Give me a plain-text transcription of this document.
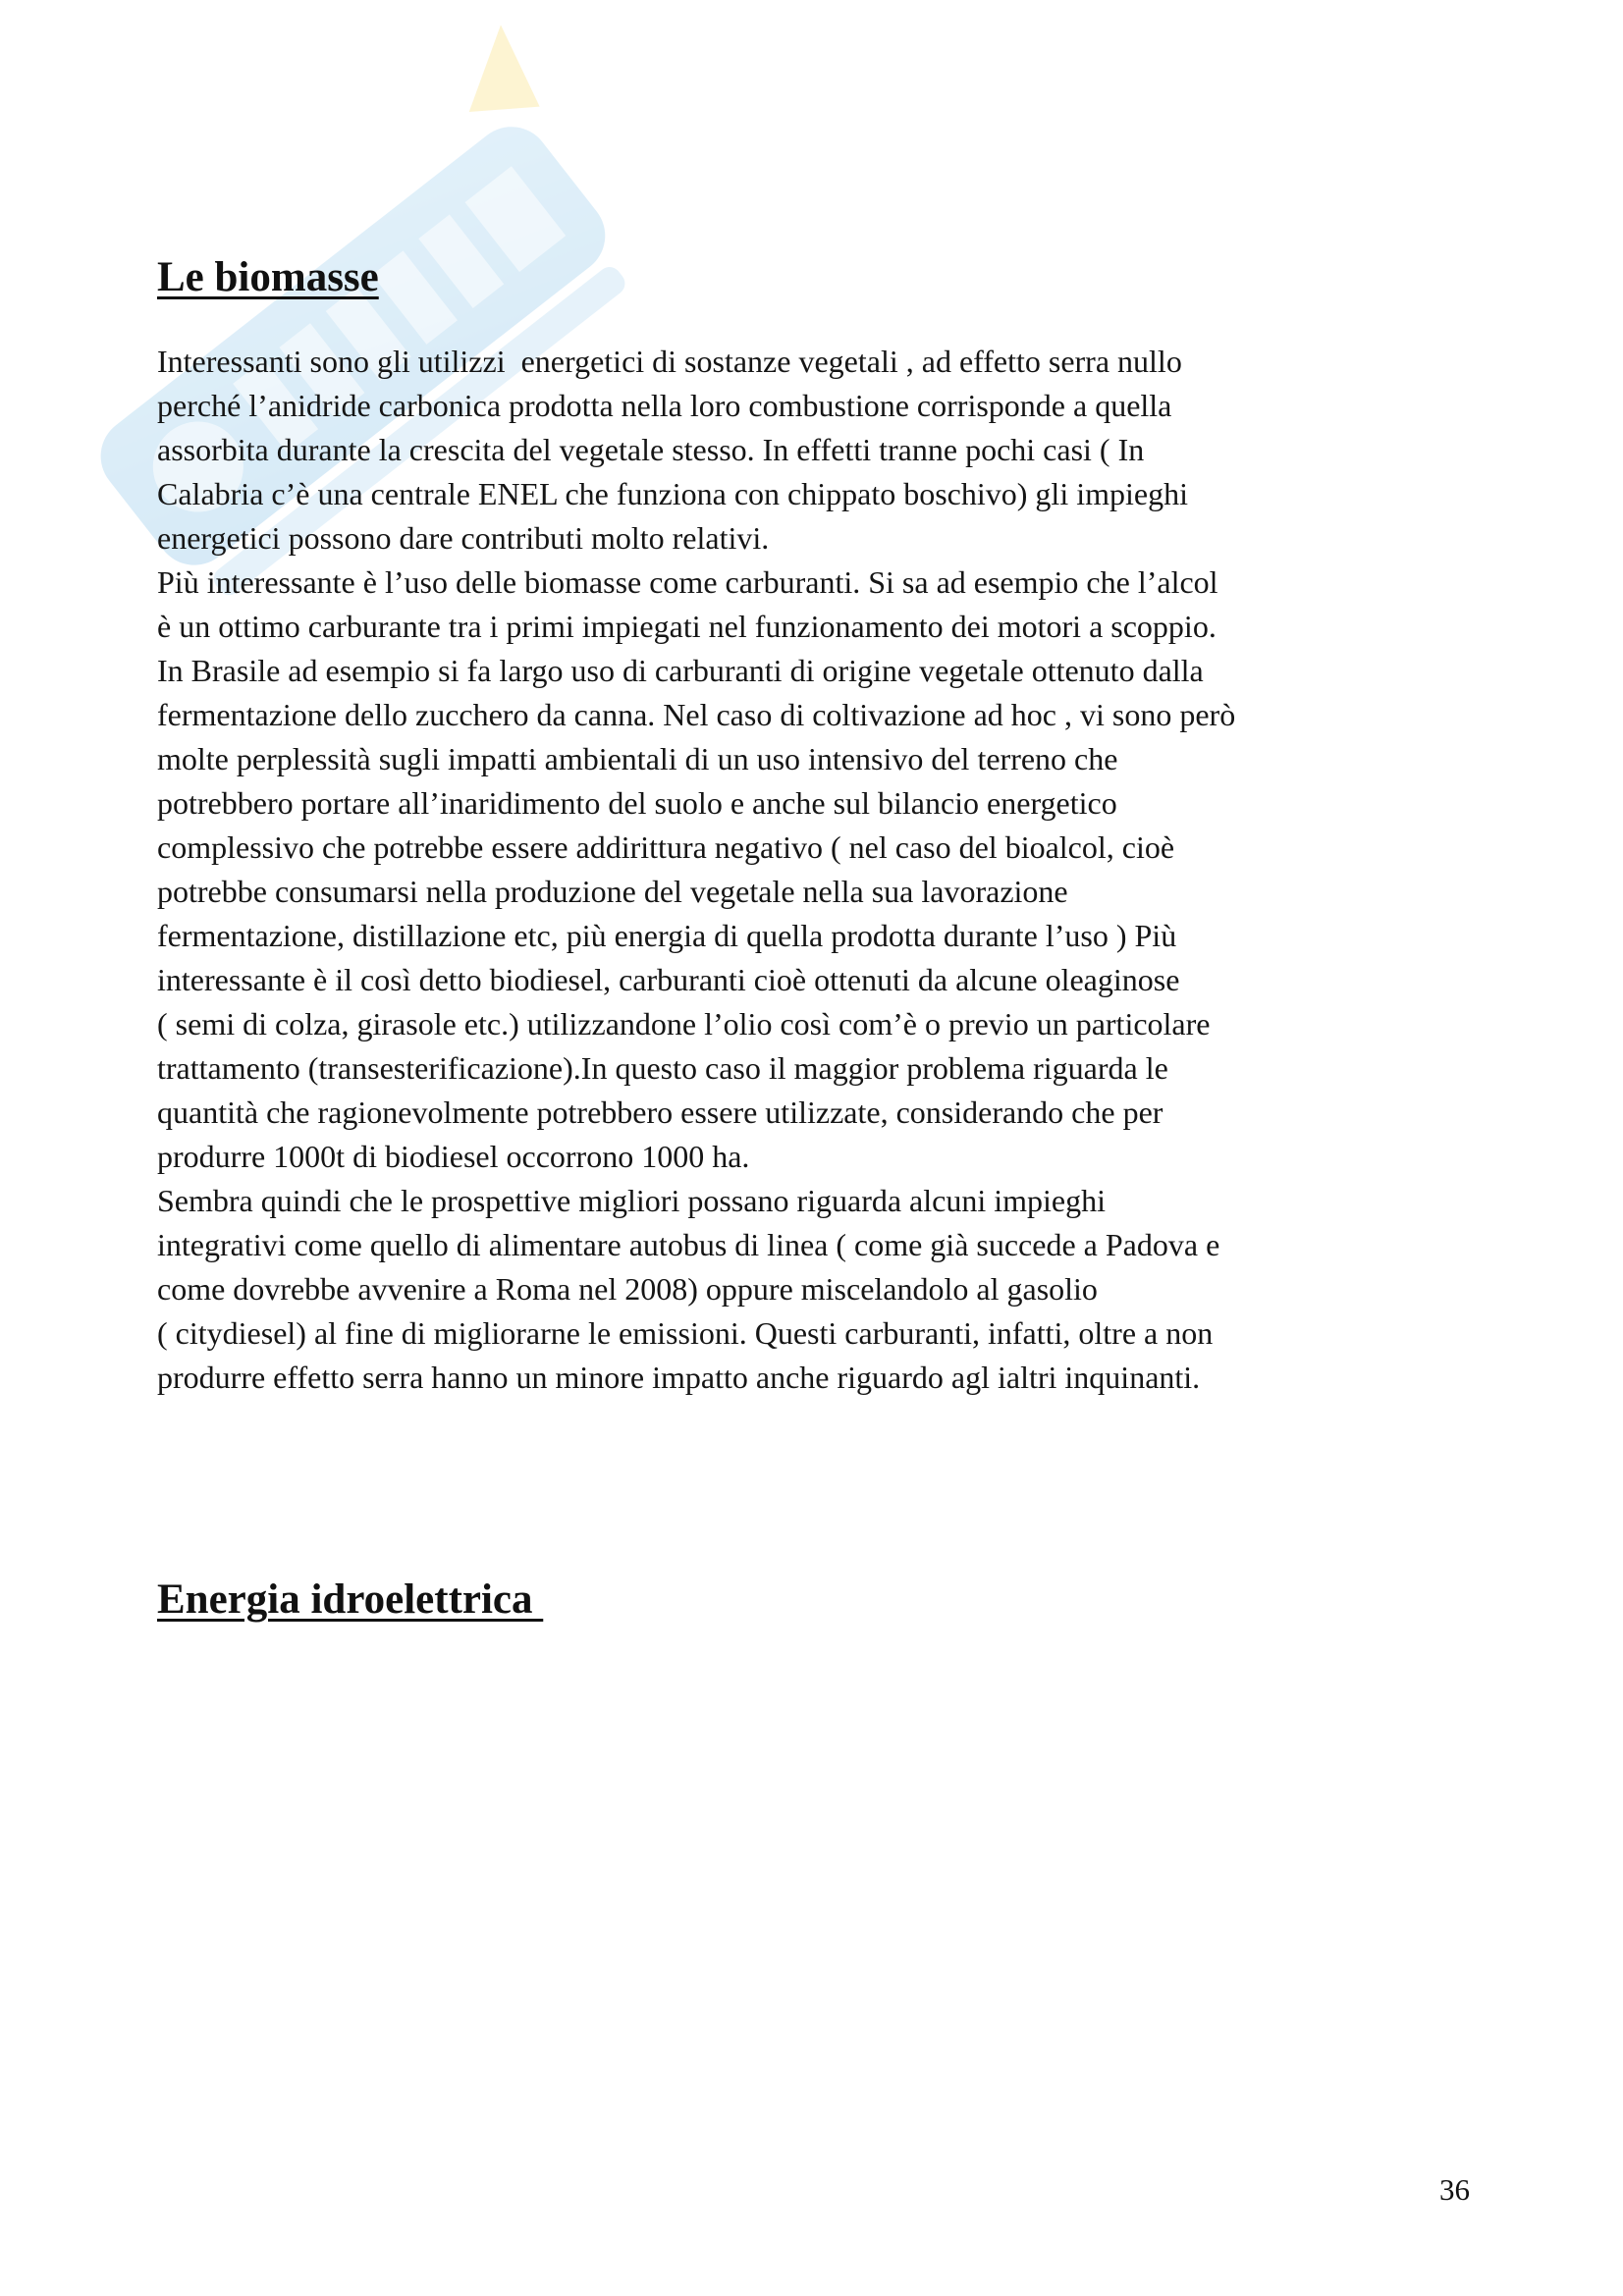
Le biomasse
Interessanti sono gli utilizzi  energetici di sostanze vegetali , ad effetto serra nullo
perché l’anidride carbonica prodotta nella loro combustione corrisponde a quella
assorbita durante la crescita del vegetale stesso. In effetti tranne pochi casi ( In
Calabria c’è una centrale ENEL che funziona con chippato boschivo) gli impieghi
energetici possono dare contributi molto relativi.
Più interessante è l’uso delle biomasse come carburanti. Si sa ad esempio che l’alcol
è un ottimo carburante tra i primi impiegati nel funzionamento dei motori a scoppio.
In Brasile ad esempio si fa largo uso di carburanti di origine vegetale ottenuto dalla
fermentazione dello zucchero da canna. Nel caso di coltivazione ad hoc , vi sono però
molte perplessità sugli impatti ambientali di un uso intensivo del terreno che
potrebbero portare all’inaridimento del suolo e anche sul bilancio energetico
complessivo che potrebbe essere addirittura negativo ( nel caso del bioalcol, cioè
potrebbe consumarsi nella produzione del vegetale nella sua lavorazione
fermentazione, distillazione etc, più energia di quella prodotta durante l’uso ) Più
interessante è il così detto biodiesel, carburanti cioè ottenuti da alcune oleaginose
( semi di colza, girasole etc.) utilizzandone l’olio così com’è o previo un particolare
trattamento (transesterificazione).In questo caso il maggior problema riguarda le
quantità che ragionevolmente potrebbero essere utilizzate, considerando che per
produrre 1000t di biodiesel occorrono 1000 ha.
Sembra quindi che le prospettive migliori possano riguarda alcuni impieghi
integrativi come quello di alimentare autobus di linea ( come già succede a Padova e
come dovrebbe avvenire a Roma nel 2008) oppure miscelandolo al gasolio
( citydiesel) al fine di migliorarne le emissioni. Questi carburanti, infatti, oltre a non
produrre effetto serra hanno un minore impatto anche riguardo agl ialtri inquinanti.
Energia idroelettrica
36
